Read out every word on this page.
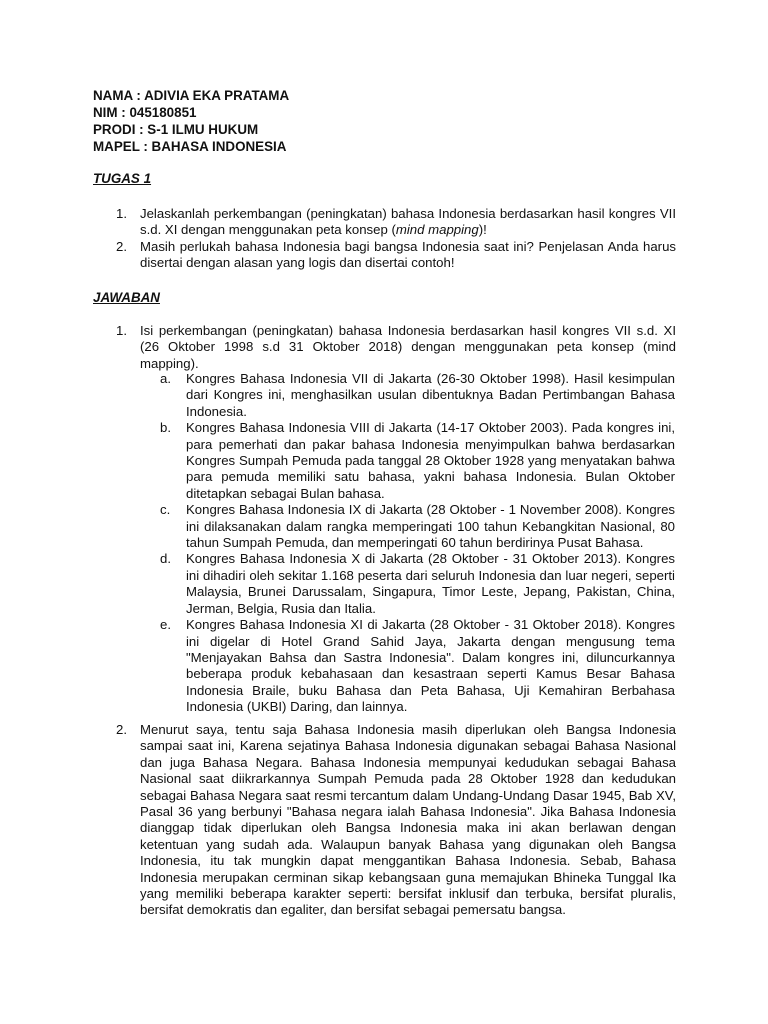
NAMA : ADIVIA EKA PRATAMA
NIM : 045180851
PRODI : S-1 ILMU HUKUM
MAPEL : BAHASA INDONESIA
TUGAS 1
1. Jelaskanlah perkembangan (peningkatan) bahasa Indonesia berdasarkan hasil kongres VII s.d. XI dengan menggunakan peta konsep (mind mapping)!
2. Masih perlukah bahasa Indonesia bagi bangsa Indonesia saat ini? Penjelasan Anda harus disertai dengan alasan yang logis dan disertai contoh!
JAWABAN
1. Isi perkembangan (peningkatan) bahasa Indonesia berdasarkan hasil kongres VII s.d. XI (26 Oktober 1998 s.d 31 Oktober 2018) dengan menggunakan peta konsep (mind mapping).
a. Kongres Bahasa Indonesia VII di Jakarta (26-30 Oktober 1998). Hasil kesimpulan dari Kongres ini, menghasilkan usulan dibentuknya Badan Pertimbangan Bahasa Indonesia.
b. Kongres Bahasa Indonesia VIII di Jakarta (14-17 Oktober 2003). Pada kongres ini, para pemerhati dan pakar bahasa Indonesia menyimpulkan bahwa berdasarkan Kongres Sumpah Pemuda pada tanggal 28 Oktober 1928 yang menyatakan bahwa para pemuda memiliki satu bahasa, yakni bahasa Indonesia. Bulan Oktober ditetapkan sebagai Bulan bahasa.
c. Kongres Bahasa Indonesia IX di Jakarta (28 Oktober - 1 November 2008). Kongres ini dilaksanakan dalam rangka memperingati 100 tahun Kebangkitan Nasional, 80 tahun Sumpah Pemuda, dan memperingati 60 tahun berdirinya Pusat Bahasa.
d. Kongres Bahasa Indonesia X di Jakarta (28 Oktober - 31 Oktober 2013). Kongres ini dihadiri oleh sekitar 1.168 peserta dari seluruh Indonesia dan luar negeri, seperti Malaysia, Brunei Darussalam, Singapura, Timor Leste, Jepang, Pakistan, China, Jerman, Belgia, Rusia dan Italia.
e. Kongres Bahasa Indonesia XI di Jakarta (28 Oktober - 31 Oktober 2018). Kongres ini digelar di Hotel Grand Sahid Jaya, Jakarta dengan mengusung tema "Menjayakan Bahsa dan Sastra Indonesia". Dalam kongres ini, diluncurkannya beberapa produk kebahasaan dan kesastraan seperti Kamus Besar Bahasa Indonesia Braile, buku Bahasa dan Peta Bahasa, Uji Kemahiran Berbahasa Indonesia (UKBI) Daring, dan lainnya.
2. Menurut saya, tentu saja Bahasa Indonesia masih diperlukan oleh Bangsa Indonesia sampai saat ini, Karena sejatinya Bahasa Indonesia digunakan sebagai Bahasa Nasional dan juga Bahasa Negara. Bahasa Indonesia mempunyai kedudukan sebagai Bahasa Nasional saat diikrarkannya Sumpah Pemuda pada 28 Oktober 1928 dan kedudukan sebagai Bahasa Negara saat resmi tercantum dalam Undang-Undang Dasar 1945, Bab XV, Pasal 36 yang berbunyi "Bahasa negara ialah Bahasa Indonesia". Jika Bahasa Indonesia dianggap tidak diperlukan oleh Bangsa Indonesia maka ini akan berlawan dengan ketentuan yang sudah ada. Walaupun banyak Bahasa yang digunakan oleh Bangsa Indonesia, itu tak mungkin dapat menggantikan Bahasa Indonesia. Sebab, Bahasa Indonesia merupakan cerminan sikap kebangsaan guna memajukan Bhineka Tunggal Ika yang memiliki beberapa karakter seperti: bersifat inklusif dan terbuka, bersifat pluralis, bersifat demokratis dan egaliter, dan bersifat sebagai pemersatu bangsa.
